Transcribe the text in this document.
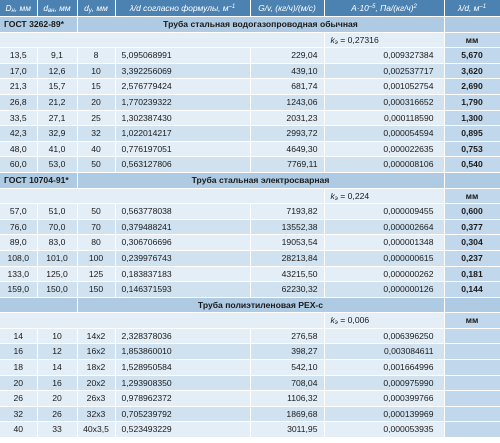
Dн, мм	dвн, мм	dу, мм	λ/d согласно формулы, $м^{-1}$	G/v, (кг/ч)/(м/с)	$A\cdot 10^{-5}$, $Па/(кг/ч)^2$	λ/d, $м^{-1}$
ГОСТ 3262-89*		Труба стальная водогазопроводная обычная				
					kэ = 0,27316	мм
13,5	9,1	8	5,095068991	229,04	0,009327384	5,670
17,0	12,6	10	3,392256069	439,10	0,002537717	3,620
21,3	15,7	15	2,576779424	681,74	0,001052754	2,690
26,8	21,2	20	1,770239322	1243,06	0,000316652	1,790
33,5	27,1	25	1,302387430	2031,23	0,000118590	1,300
42,3	32,9	32	1,022014217	2993,72	0,000054594	0,895
48,0	41,0	40	0,776197051	4649,30	0,000022635	0,753
60,0	53,0	50	0,563127806	7769,11	0,000008106	0,540
ГОСТ 10704-91*		Труба стальная электросварная				
					kэ = 0,224	мм
57,0	51,0	50	0,563778038	7193,82	0,000009455	0,600
76,0	70,0	70	0,379488241	13552,38	0,000002664	0,377
89,0	83,0	80	0,306706696	19053,54	0,000001348	0,304
108,0	101,0	100	0,239976743	28213,84	0,000000615	0,237
133,0	125,0	125	0,183837183	43215,50	0,000000262	0,181
159,0	150,0	150	0,146371593	62230,32	0,000000126	0,144
		Труба полиэтиленовая PEX-c				
					kэ = 0,006	мм
14	10	14x2	2,328378036	276,58	0,006396250	
16	12	16x2	1,853860010	398,27	0,003084611	
18	14	18x2	1,528950584	542,10	0,001664996	
20	16	20x2	1,293908350	708,04	0,000975990	
26	20	26x3	0,978962372	1106,32	0,000399766	
32	26	32x3	0,705239792	1869,68	0,000139969	
40	33	40x3,5	0,523493229	3011,95	0,000053935	
